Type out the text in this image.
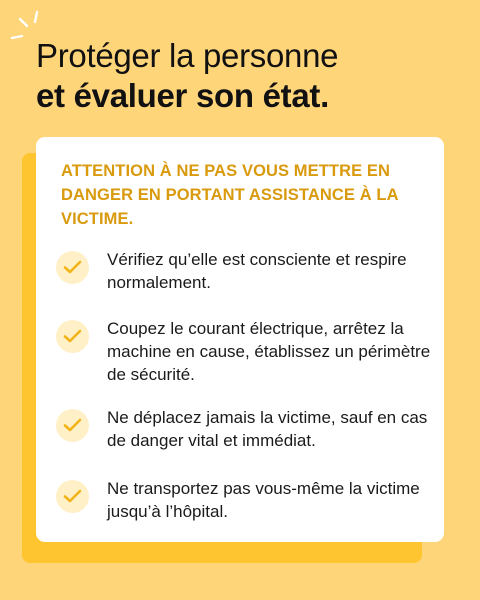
Protéger la personne
et évaluer son état.

ATTENTION À NE PAS VOUS METTRE EN DANGER EN PORTANT ASSISTANCE À LA VICTIME.

Vérifiez qu’elle est consciente et respire normalement.
Coupez le courant électrique, arrêtez la machine en cause, établissez un périmètre de sécurité.
Ne déplacez jamais la victime, sauf en cas de danger vital et immédiat.
Ne transportez pas vous-même la victime jusqu’à l’hôpital.
